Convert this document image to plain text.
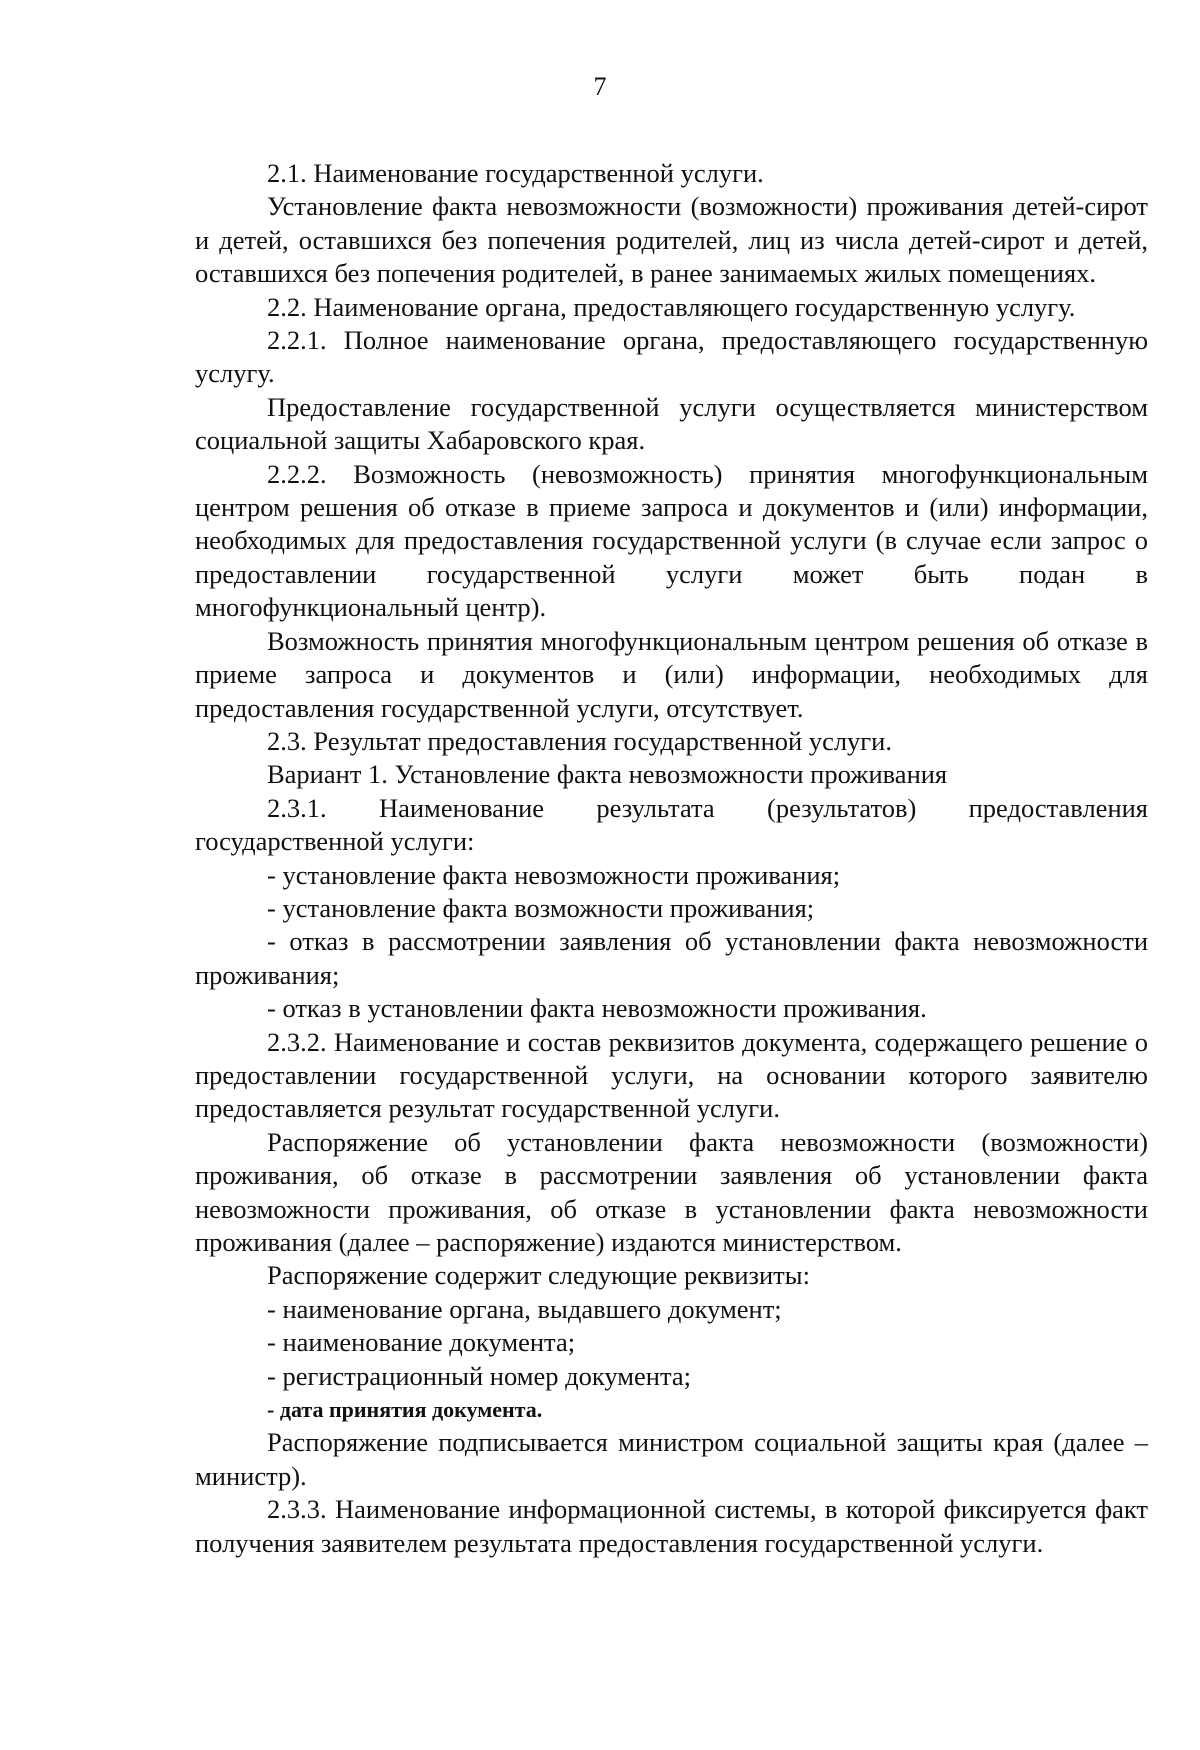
7

2.1. Наименование государственной услуги.

Установление факта невозможности (возможности) проживания детей-сирот и детей, оставшихся без попечения родителей, лиц из числа детей-сирот и детей, оставшихся без попечения родителей, в ранее занимаемых жилых помещениях.

2.2. Наименование органа, предоставляющего государственную услугу.

2.2.1. Полное наименование органа, предоставляющего государственную услугу.

Предоставление государственной услуги осуществляется министерством социальной защиты Хабаровского края.

2.2.2. Возможность (невозможность) принятия многофункциональным центром решения об отказе в приеме запроса и документов и (или) информации, необходимых для предоставления государственной услуги (в случае если запрос о предоставлении государственной услуги может быть подан в многофункциональный центр).

Возможность принятия многофункциональным центром решения об отказе в приеме запроса и документов и (или) информации, необходимых для предоставления государственной услуги, отсутствует.

2.3. Результат предоставления государственной услуги.

Вариант 1. Установление факта невозможности проживания

2.3.1. Наименование результата (результатов) предоставления государственной услуги:

- установление факта невозможности проживания;

- установление факта возможности проживания;

- отказ в рассмотрении заявления об установлении факта невозможности проживания;

- отказ в установлении факта невозможности проживания.

2.3.2. Наименование и состав реквизитов документа, содержащего решение о предоставлении государственной услуги, на основании которого заявителю предоставляется результат государственной услуги.

Распоряжение об установлении факта невозможности (возможности) проживания, об отказе в рассмотрении заявления об установлении факта невозможности проживания, об отказе в установлении факта невозможности проживания (далее – распоряжение) издаются министерством.

Распоряжение содержит следующие реквизиты:

- наименование органа, выдавшего документ;

- наименование документа;

- регистрационный номер документа;

- дата принятия документа.

Распоряжение подписывается министром социальной защиты края (далее – министр).

2.3.3. Наименование информационной системы, в которой фиксируется факт получения заявителем результата предоставления государственной услуги.
